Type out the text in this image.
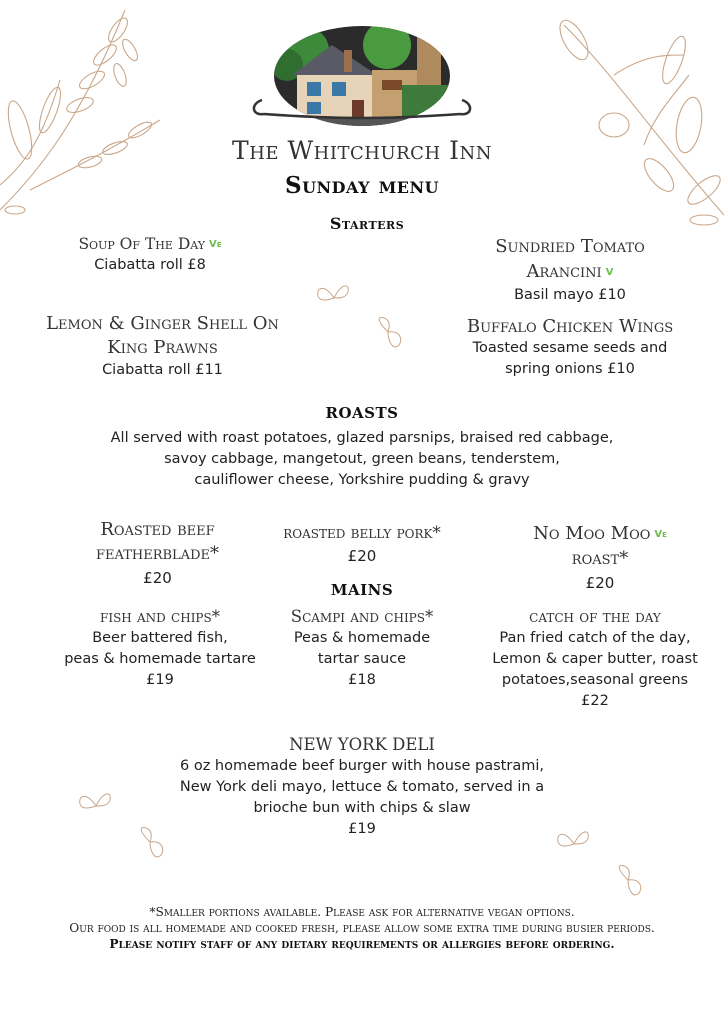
The Whitchurch Inn
Sunday menu
Starters
Soup Of The Day Ve
Ciabatta roll £8
Sundried Tomato
Arancini V
Basil mayo £10
Lemon & Ginger Shell On
King Prawns
Ciabatta roll £11
Buffalo Chicken Wings
Toasted sesame seeds and
spring onions £10
ROASTS
All served with roast potatoes, glazed parsnips, braised red cabbage,
savoy cabbage, mangetout, green beans, tenderstem,
cauliflower cheese, Yorkshire pudding & gravy
Roasted beef
featherblade*
£20
roasted belly pork*
£20
No Moo Moo Ve
roast*
£20
MAINS
fish and chips*
Beer battered fish,
peas & homemade tartare
£19
Scampi and chips*
Peas & homemade
tartar sauce
£18
catch of the day
Pan fried catch of the day,
Lemon & caper butter, roast
potatoes,seasonal greens
£22
NEW YORK DELI
6 oz homemade beef burger with house pastrami,
New York deli mayo, lettuce & tomato, served in a
brioche bun with chips & slaw
£19
*Smaller portions available. Please ask for alternative vegan options.
Our food is all homemade and cooked fresh, please allow some extra time during busier periods.
Please notify staff of any dietary requirements or allergies before ordering.
